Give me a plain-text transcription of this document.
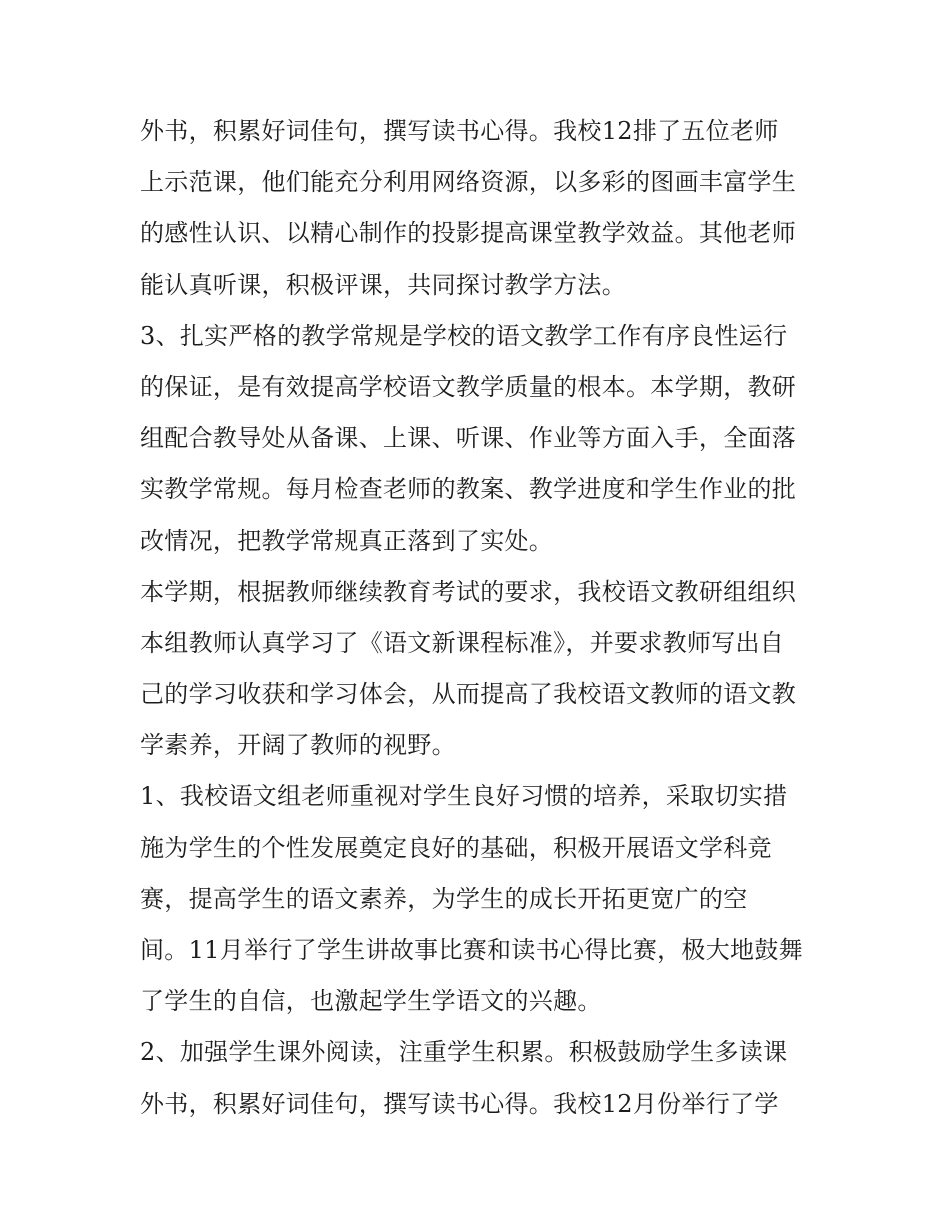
外书，积累好词佳句，撰写读书心得。我校12排了五位老师
上示范课，他们能充分利用网络资源，以多彩的图画丰富学生
的感性认识、以精心制作的投影提高课堂教学效益。其他老师
能认真听课，积极评课，共同探讨教学方法。
3、扎实严格的教学常规是学校的语文教学工作有序良性运行
的保证，是有效提高学校语文教学质量的根本。本学期，教研
组配合教导处从备课、上课、听课、作业等方面入手，全面落
实教学常规。每月检查老师的教案、教学进度和学生作业的批
改情况，把教学常规真正落到了实处。
本学期，根据教师继续教育考试的要求，我校语文教研组组织
本组教师认真学习了《语文新课程标准》，并要求教师写出自
己的学习收获和学习体会，从而提高了我校语文教师的语文教
学素养，开阔了教师的视野。
1、我校语文组老师重视对学生良好习惯的培养，采取切实措
施为学生的个性发展奠定良好的基础，积极开展语文学科竞
赛，提高学生的语文素养，为学生的成长开拓更宽广的空
间。11月举行了学生讲故事比赛和读书心得比赛，极大地鼓舞
了学生的自信，也激起学生学语文的兴趣。
2、加强学生课外阅读，注重学生积累。积极鼓励学生多读课
外书，积累好词佳句，撰写读书心得。我校12月份举行了学
